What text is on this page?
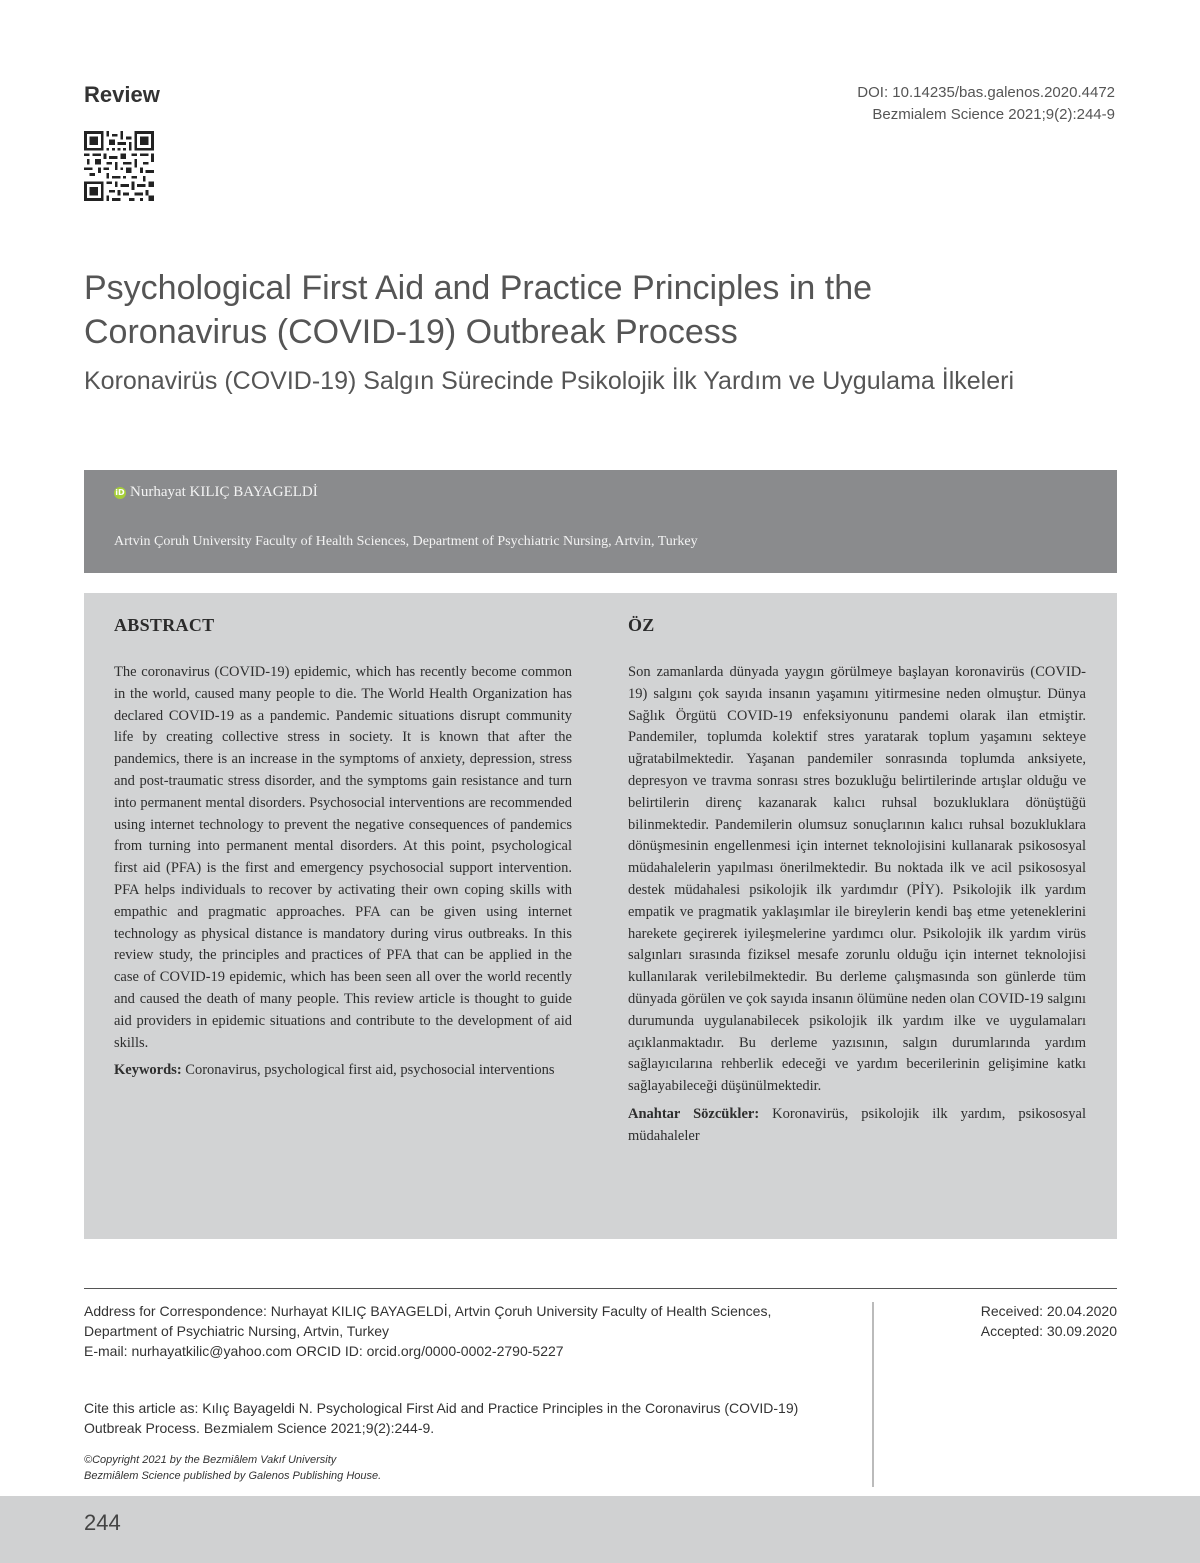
Review	DOI: 10.14235/bas.galenos.2020.4472
Bezmialem Science 2021;9(2):244-9
Psychological First Aid and Practice Principles in the
Coronavirus (COVID-19) Outbreak Process
Koronavirüs (COVID-19) Salgın Sürecinde Psikolojik İlk Yardım ve Uygulama İlkeleri
iD Nurhayat KILIÇ BAYAGELDİ
Artvin Çoruh University Faculty of Health Sciences, Department of Psychiatric Nursing, Artvin, Turkey
ABSTRACT

The coronavirus (COVID-19) epidemic, which has recently become common in the world, caused many people to die. The World Health Organization has declared COVID-19 as a pandemic. Pandemic situations disrupt community life by creating collective stress in society. It is known that after the pandemics, there is an increase in the symptoms of anxiety, depression, stress and post-traumatic stress disorder, and the symptoms gain resistance and turn into permanent mental disorders. Psychosocial interventions are recommended using internet technology to prevent the negative consequences of pandemics from turning into permanent mental disorders. At this point, psychological first aid (PFA) is the first and emergency psychosocial support intervention. PFA helps individuals to recover by activating their own coping skills with empathic and pragmatic approaches. PFA can be given using internet technology as physical distance is mandatory during virus outbreaks. In this review study, the principles and practices of PFA that can be applied in the case of COVID-19 epidemic, which has been seen all over the world recently and caused the death of many people. This review article is thought to guide aid providers in epidemic situations and contribute to the development of aid skills.

Keywords: Coronavirus, psychological first aid, psychosocial interventions

ÖZ

Son zamanlarda dünyada yaygın görülmeye başlayan koronavirüs (COVID-19) salgını çok sayıda insanın yaşamını yitirmesine neden olmuştur. Dünya Sağlık Örgütü COVID-19 enfeksiyonunu pandemi olarak ilan etmiştir. Pandemiler, toplumda kolektif stres yaratarak toplum yaşamını sekteye uğratabilmektedir. Yaşanan pandemiler sonrasında toplumda anksiyete, depresyon ve travma sonrası stres bozukluğu belirtilerinde artışlar olduğu ve belirtilerin direnç kazanarak kalıcı ruhsal bozukluklara dönüştüğü bilinmektedir. Pandemilerin olumsuz sonuçlarının kalıcı ruhsal bozukluklara dönüşmesinin engellenmesi için internet teknolojisini kullanarak psikososyal müdahalelerin yapılması önerilmektedir. Bu noktada ilk ve acil psikososyal destek müdahalesi psikolojik ilk yardımdır (PİY). Psikolojik ilk yardım empatik ve pragmatik yaklaşımlar ile bireylerin kendi baş etme yeteneklerini harekete geçirerek iyileşmelerine yardımcı olur. Psikolojik ilk yardım virüs salgınları sırasında fiziksel mesafe zorunlu olduğu için internet teknolojisi kullanılarak verilebilmektedir. Bu derleme çalışmasında son günlerde tüm dünyada görülen ve çok sayıda insanın ölümüne neden olan COVID-19 salgını durumunda uygulanabilecek psikolojik ilk yardım ilke ve uygulamaları açıklanmaktadır. Bu derleme yazısının, salgın durumlarında yardım sağlayıcılarına rehberlik edeceği ve yardım becerilerinin gelişimine katkı sağlayabileceği düşünülmektedir.

Anahtar Sözcükler: Koronavirüs, psikolojik ilk yardım, psikososyal müdahaleler

Address for Correspondence: Nurhayat KILIÇ BAYAGELDİ, Artvin Çoruh University Faculty of Health Sciences, Department of Psychiatric Nursing, Artvin, Turkey
E-mail: nurhayatkilic@yahoo.com ORCID ID: orcid.org/0000-0002-2790-5227
Received: 20.04.2020
Accepted: 30.09.2020
Cite this article as: Kılıç Bayageldi N. Psychological First Aid and Practice Principles in the Coronavirus (COVID-19) Outbreak Process. Bezmialem Science 2021;9(2):244-9.
©Copyright 2021 by the Bezmiâlem Vakıf University
Bezmiâlem Science published by Galenos Publishing House.
244
